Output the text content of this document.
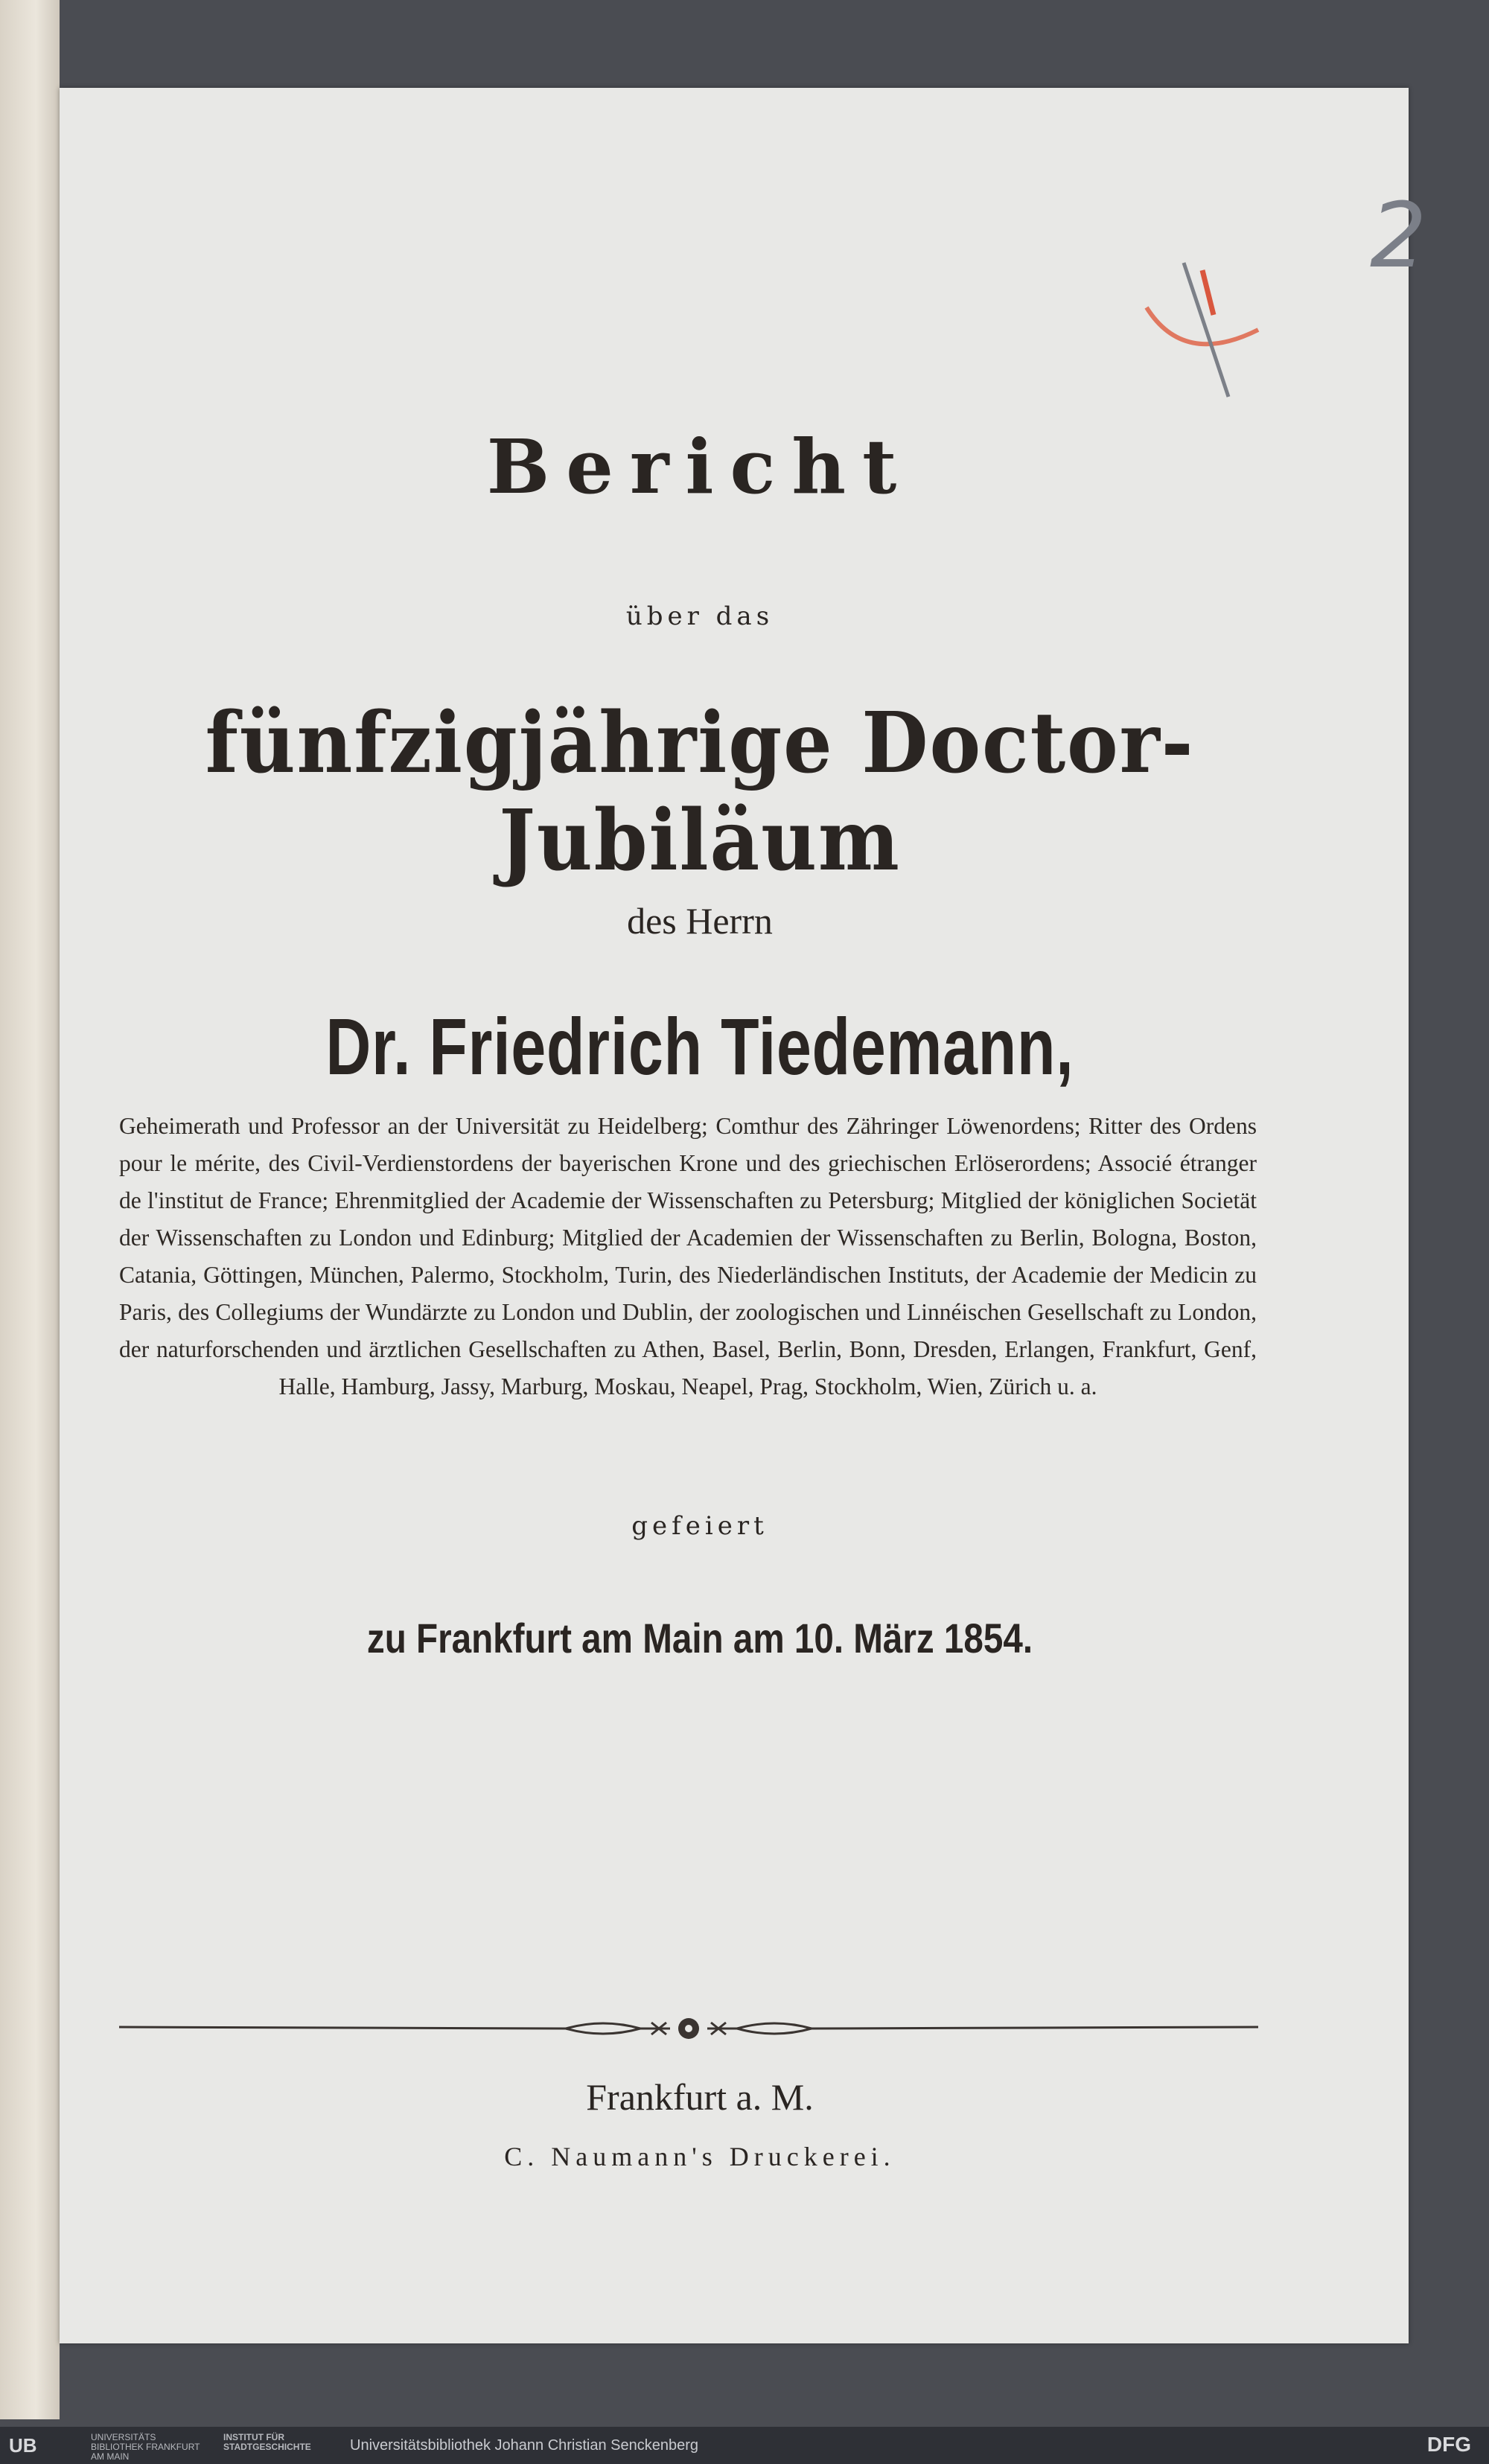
2
Bericht
über das
fünfzigjährige Doctor-Jubiläum
des Herrn
Dr. Friedrich Tiedemann,
Geheimerath und Professor an der Universität zu Heidelberg; Comthur des Zähringer Löwenordens; Ritter des Ordens pour le mérite, des Civil-Verdienstordens der bayerischen Krone und des griechischen Erlöserordens; Associé étranger de l'institut de France; Ehrenmitglied der Academie der Wissenschaften zu Petersburg; Mitglied der königlichen Societät der Wissenschaften zu London und Edinburg; Mitglied der Academien der Wissenschaften zu Berlin, Bologna, Boston, Catania, Göttingen, München, Palermo, Stockholm, Turin, des Niederländischen Instituts, der Academie der Medicin zu Paris, des Collegiums der Wundärzte zu London und Dublin, der zoologischen und Linnéischen Gesellschaft zu London, der naturforschenden und ärztlichen Gesellschaften zu Athen, Basel, Berlin, Bonn, Dresden, Erlangen, Frankfurt, Genf, Halle, Hamburg, Jassy, Marburg, Moskau, Neapel, Prag, Stockholm, Wien, Zürich u. a.
gefeiert
zu Frankfurt am Main am 10. März 1854.
Frankfurt a. M.
C. Naumann's Druckerei.
UB	UNIVERSITÄTS BIBLIOTHEK FRANKFURT AM MAIN
INSTITUT FÜR STADTGESCHICHTE	Universitätsbibliothek Johann Christian Senckenberg	DFG
